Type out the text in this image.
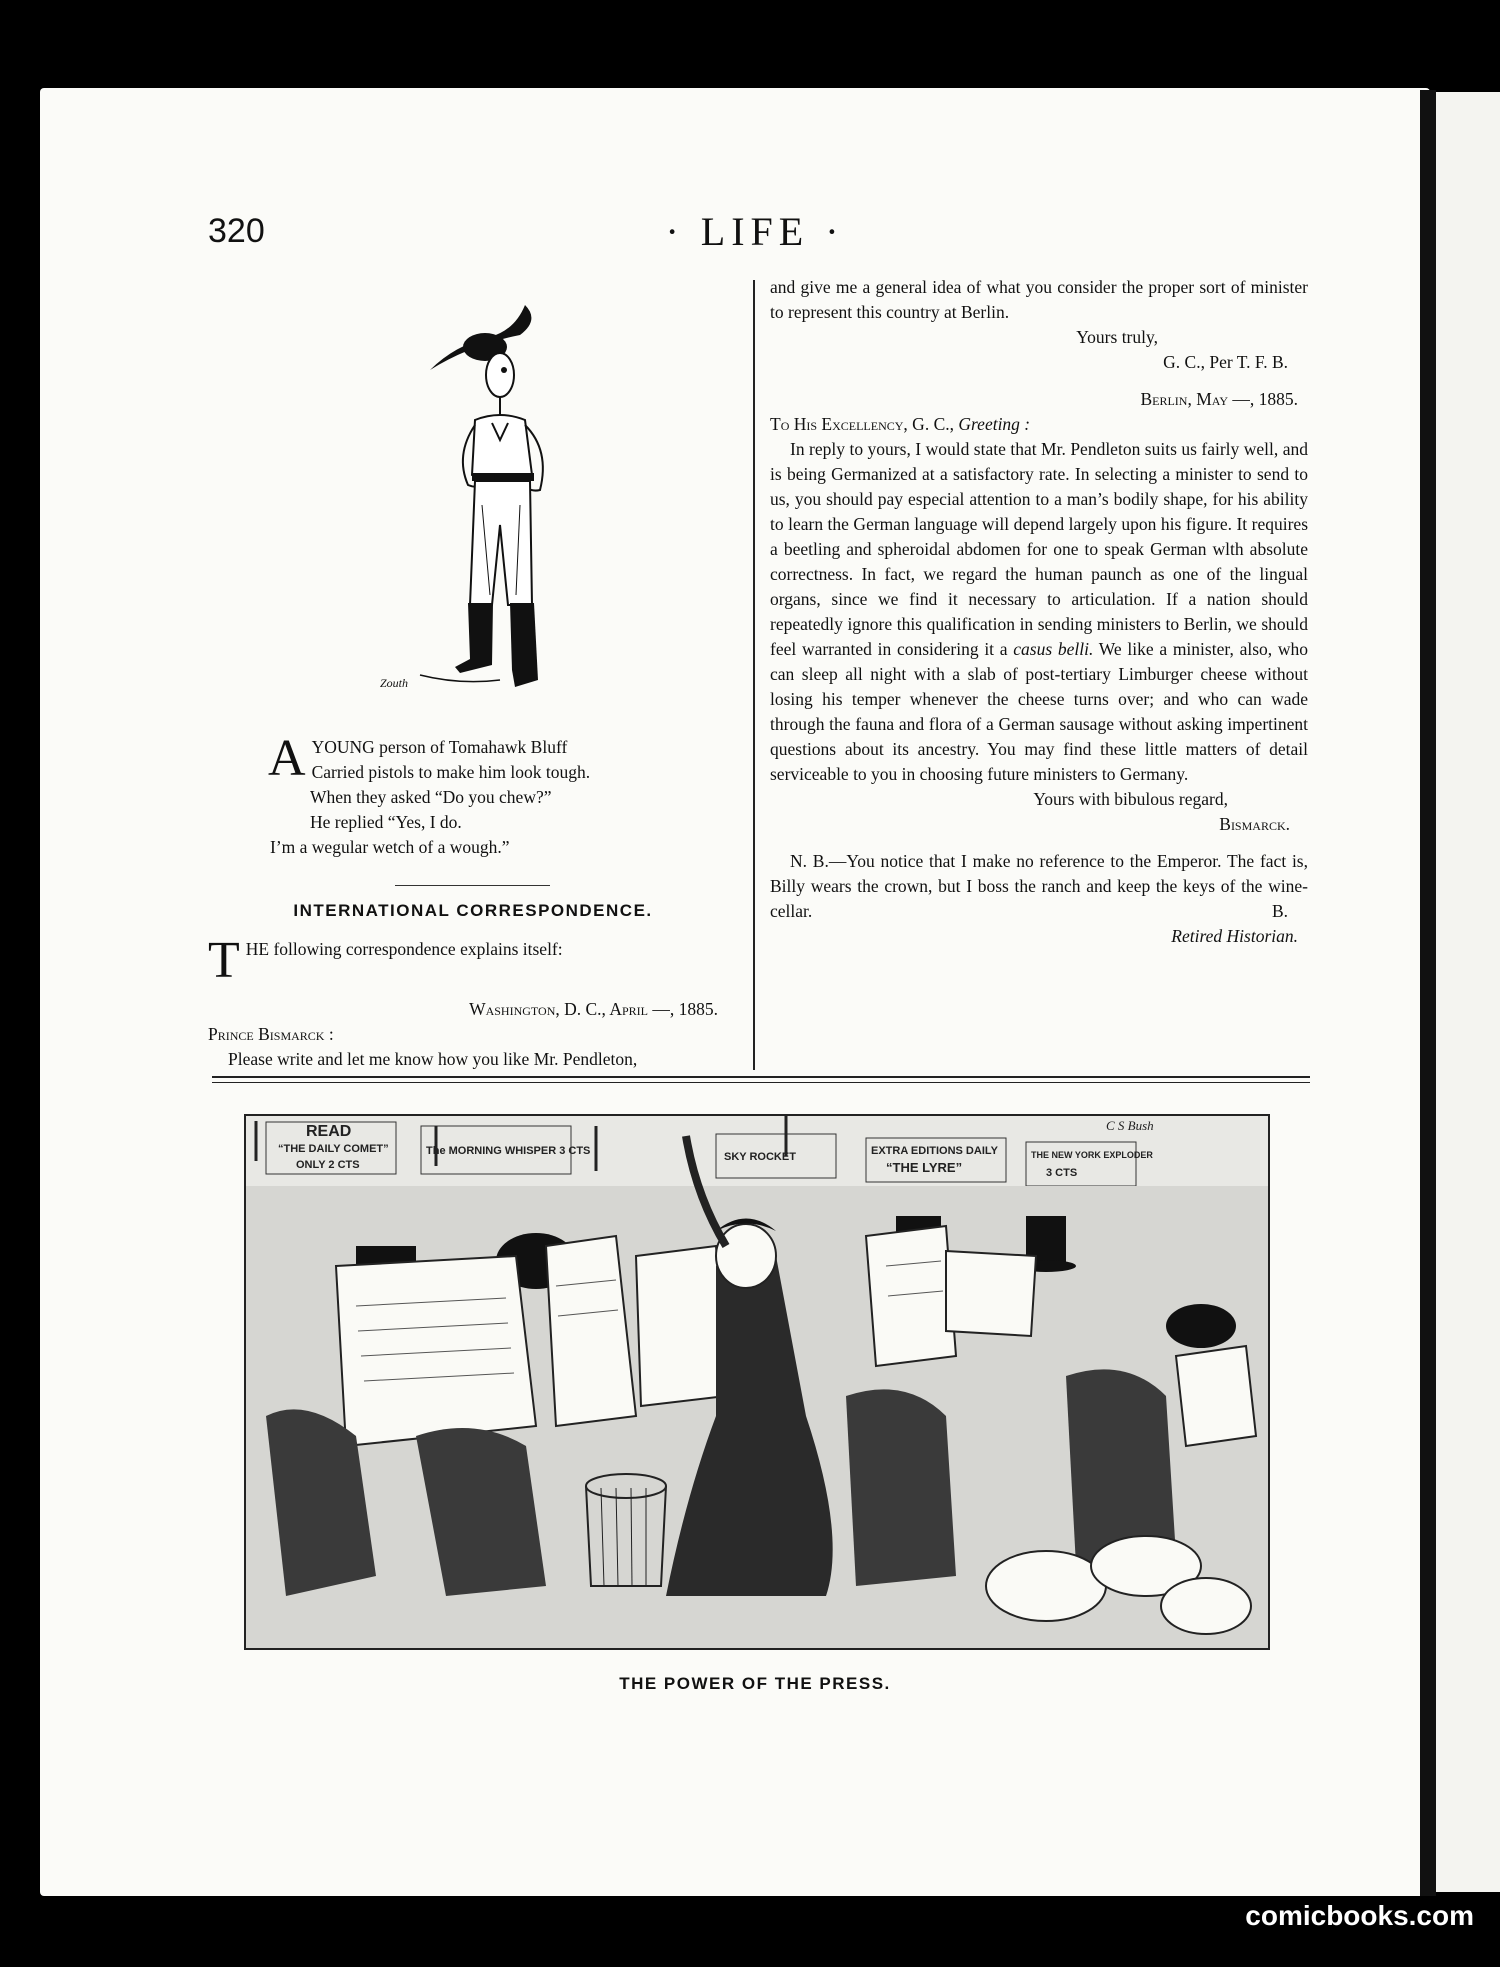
320	· LIFE ·
Zouth
A YOUNG person of Tomahawk Bluff

Carried pistols to make him look tough.

When they asked “Do you chew?”

He replied “Yes, I do.

I’m a wegular wetch of a wough.”

INTERNATIONAL CORRESPONDENCE.
T HE following correspondence explains itself:

Washington, D. C., April —, 1885.

Prince Bismarck :

Please write and let me know how you like Mr. Pendleton,

and give me a general idea of what you consider the proper sort of minister to represent this country at Berlin.

Yours truly,

G. C., Per T. F. B.

Berlin, May —, 1885.

To His Excellency, G. C., Greeting :

In reply to yours, I would state that Mr. Pendleton suits us fairly well, and is being Germanized at a satisfactory rate. In selecting a minister to send to us, you should pay especial attention to a man’s bodily shape, for his ability to learn the German language will depend largely upon his figure. It requires a beetling and spheroidal abdomen for one to speak German wlth absolute correctness. In fact, we regard the human paunch as one of the lingual organs, since we find it necessary to articulation. If a nation should repeatedly ignore this qualification in sending ministers to Berlin, we should feel warranted in considering it a casus belli. We like a minister, also, who can sleep all night with a slab of post-tertiary Limburger cheese without losing his temper whenever the cheese turns over; and who can wade through the fauna and flora of a German sausage without asking impertinent questions about its ancestry. You may find these little matters of detail serviceable to you in choosing future ministers to Germany.

Yours with bibulous regard,

Bismarck.

N. B.—You notice that I make no reference to the Emperor. The fact is, Billy wears the crown, but I boss the ranch and keep the keys of the wine-cellar.	B.

Retired Historian.

READ
“THE DAILY COMET”
ONLY 2 CTS
The MORNING WHISPER 3 CTS	SKY ROCKET	EXTRA EDITIONS DAILY
“THE LYRE”
THE NEW YORK EXPLODER
3 CTS
C S Bush
THE POWER OF THE PRESS.
comicbooks.com
